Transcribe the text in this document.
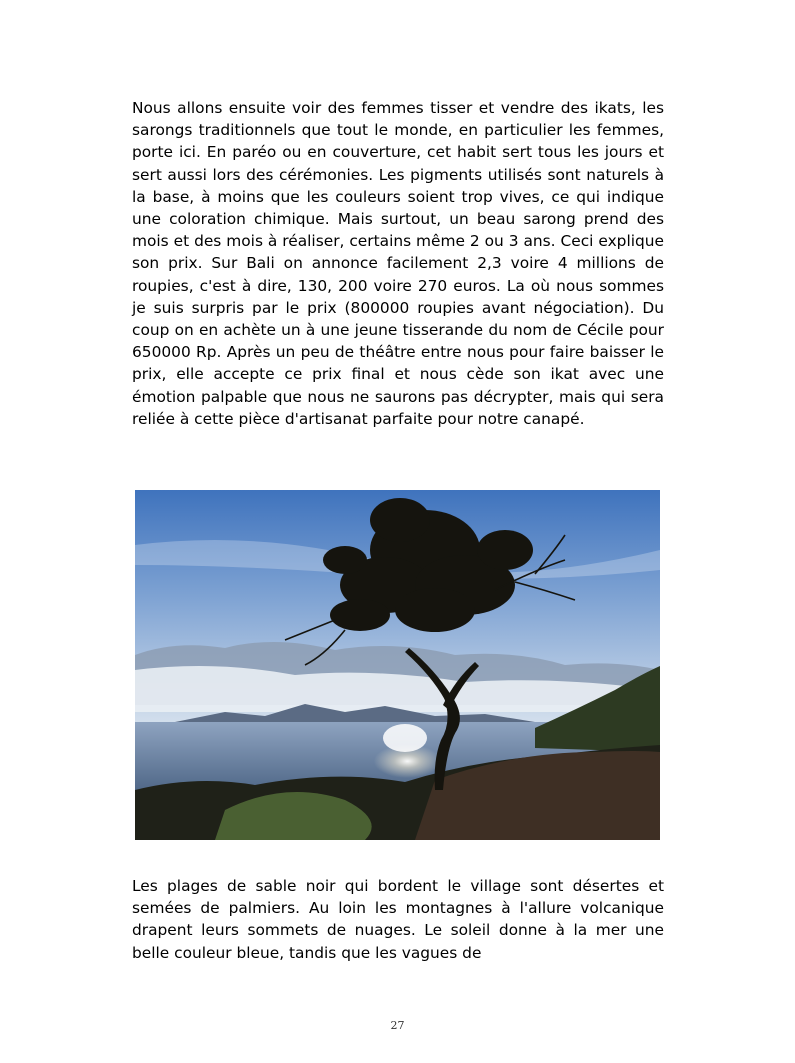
Nous allons ensuite voir des femmes tisser et vendre des ikats, les sarongs traditionnels que tout le monde, en particulier les femmes, porte ici. En paréo ou en couverture, cet habit sert tous les jours et sert aussi lors des cérémonies. Les pigments utilisés sont naturels à la base, à moins que les couleurs soient trop vives, ce qui indique une coloration chimique. Mais surtout, un beau sarong prend des mois et des mois à réaliser, certains même 2 ou 3 ans. Ceci explique son prix. Sur Bali on annonce facilement 2,3 voire 4 millions de roupies, c'est à dire, 130, 200 voire 270 euros. La où nous sommes je suis surpris par le prix (800000 roupies avant négociation). Du coup on en achète un à une jeune tisserande du nom de Cécile pour 650000 Rp. Après un peu de théâtre entre nous pour faire baisser le prix, elle accepte ce prix final et nous cède son ikat avec une émotion palpable que nous ne saurons pas décrypter, mais qui sera reliée à cette pièce d'artisanat parfaite pour notre canapé.

Les plages de sable noir qui bordent le village sont désertes et semées de palmiers. Au loin les montagnes à l'allure volcanique drapent leurs sommets de nuages. Le soleil donne à la mer une belle couleur bleue, tandis que les vagues de

27
